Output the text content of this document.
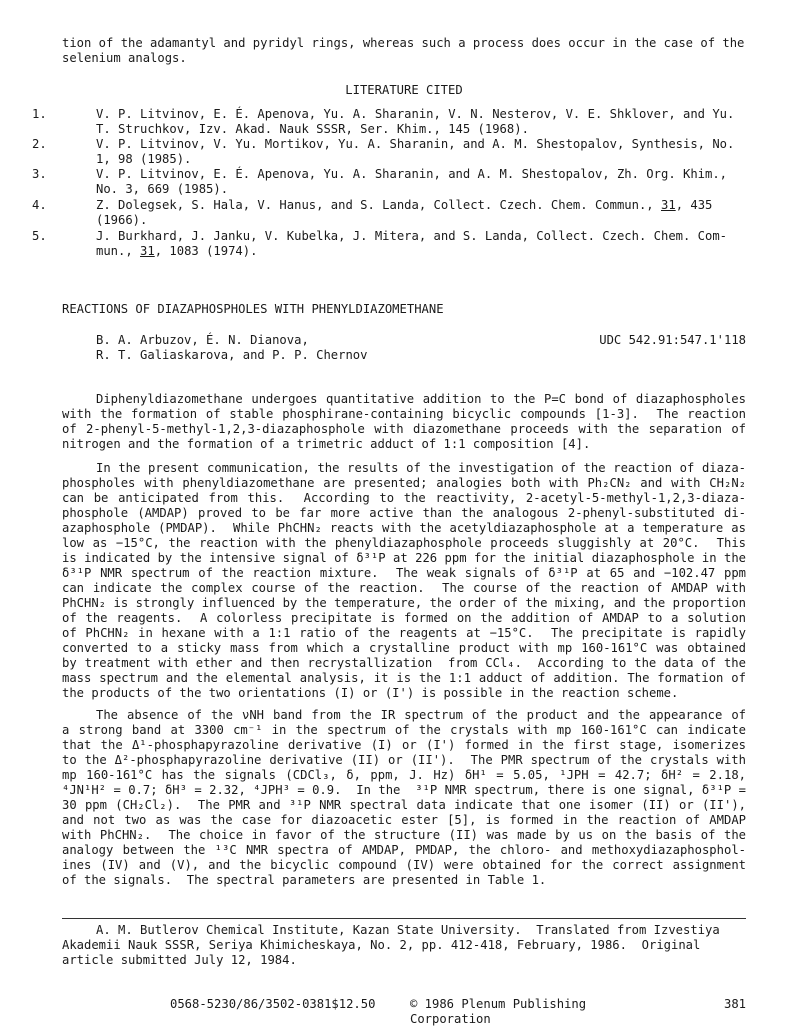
tion of the adamantyl and pyridyl rings, whereas such a process does occur in the case of the
selenium analogs.
LITERATURE CITED
1.	V. P. Litvinov, E. É. Apenova, Yu. A. Sharanin, V. N. Nesterov, V. E. Shklover, and Yu.
T. Struchkov, Izv. Akad. Nauk SSSR, Ser. Khim., 145 (1968).
2.	V. P. Litvinov, V. Yu. Mortikov, Yu. A. Sharanin, and A. M. Shestopalov, Synthesis, No.
1, 98 (1985).
3.	V. P. Litvinov, E. É. Apenova, Yu. A. Sharanin, and A. M. Shestopalov, Zh. Org. Khim.,
No. 3, 669 (1985).
4.	Z. Dolegsek, S. Hala, V. Hanus, and S. Landa, Collect. Czech. Chem. Commun., 31, 435
(1966).
5.	J. Burkhard, J. Janku, V. Kubelka, J. Mitera, and S. Landa, Collect. Czech. Chem. Com-
mun., 31, 1083 (1974).
REACTIONS OF DIAZAPHOSPHOLES WITH PHENYLDIAZOMETHANE
B. A. Arbuzov, É. N. Dianova,
R. T. Galiaskarova, and P. P. Chernov
UDC 542.91:547.1'118
Diphenyldiazomethane undergoes quantitative addition to the P=C bond of diazaphospholes
with the formation of stable phosphirane-containing bicyclic compounds [1-3].  The reaction
of 2-phenyl-5-methyl-1,2,3-diazaphosphole with diazomethane proceeds with the separation of
nitrogen and the formation of a trimetric adduct of 1:1 composition [4].
In the present communication, the results of the investigation of the reaction of diaza-
phospholes with phenyldiazomethane are presented; analogies both with Ph₂CN₂ and with CH₂N₂
can be anticipated from this.  According to the reactivity, 2-acetyl-5-methyl-1,2,3-diaza-
phosphole (AMDAP) proved to be far more active than the analogous 2-phenyl-substituted di-
azaphosphole (PMDAP).  While PhCHN₂ reacts with the acetyldiazaphosphole at a temperature as
low as −15°C, the reaction with the phenyldiazaphosphole proceeds sluggishly at 20°C.  This
is indicated by the intensive signal of δ³¹P at 226 ppm for the initial diazaphosphole in the
δ³¹P NMR spectrum of the reaction mixture.  The weak signals of δ³¹P at 65 and −102.47 ppm
can indicate the complex course of the reaction.  The course of the reaction of AMDAP with
PhCHN₂ is strongly influenced by the temperature, the order of the mixing, and the proportion
of the reagents.  A colorless precipitate is formed on the addition of AMDAP to a solution
of PhCHN₂ in hexane with a 1:1 ratio of the reagents at −15°C.  The precipitate is rapidly
converted to a sticky mass from which a crystalline product with mp 160-161°C was obtained
by treatment with ether and then recrystallization  from CCl₄.  According to the data of the
mass spectrum and the elemental analysis, it is the 1:1 adduct of addition. The formation of
the products of the two orientations (I) or (I') is possible in the reaction scheme.
The absence of the νNH band from the IR spectrum of the product and the appearance of
a strong band at 3300 cm⁻¹ in the spectrum of the crystals with mp 160-161°C can indicate
that the Δ¹-phosphapyrazoline derivative (I) or (I') formed in the first stage, isomerizes
to the Δ²-phosphapyrazoline derivative (II) or (II').  The PMR spectrum of the crystals with
mp 160-161°C has the signals (CDCl₃, δ, ppm, J. Hz) δH¹ = 5.05, ¹JPH = 42.7; δH² = 2.18,
⁴JN¹H² = 0.7; δH³ = 2.32, ⁴JPH³ = 0.9.  In the  ³¹P NMR spectrum, there is one signal, δ³¹P =
30 ppm (CH₂Cl₂).  The PMR and ³¹P NMR spectral data indicate that one isomer (II) or (II'),
and not two as was the case for diazoacetic ester [5], is formed in the reaction of AMDAP
with PhCHN₂.  The choice in favor of the structure (II) was made by us on the basis of the
analogy between the ¹³C NMR spectra of AMDAP, PMDAP, the chloro- and methoxydiazaphosphol-
ines (IV) and (V), and the bicyclic compound (IV) were obtained for the correct assignment
of the signals.  The spectral parameters are presented in Table 1.
A. M. Butlerov Chemical Institute, Kazan State University.  Translated from Izvestiya
Akademii Nauk SSSR, Seriya Khimicheskaya, No. 2, pp. 412-418, February, 1986.  Original
article submitted July 12, 1984.
0568-5230/86/3502-0381$12.50	© 1986 Plenum Publishing Corporation
381
